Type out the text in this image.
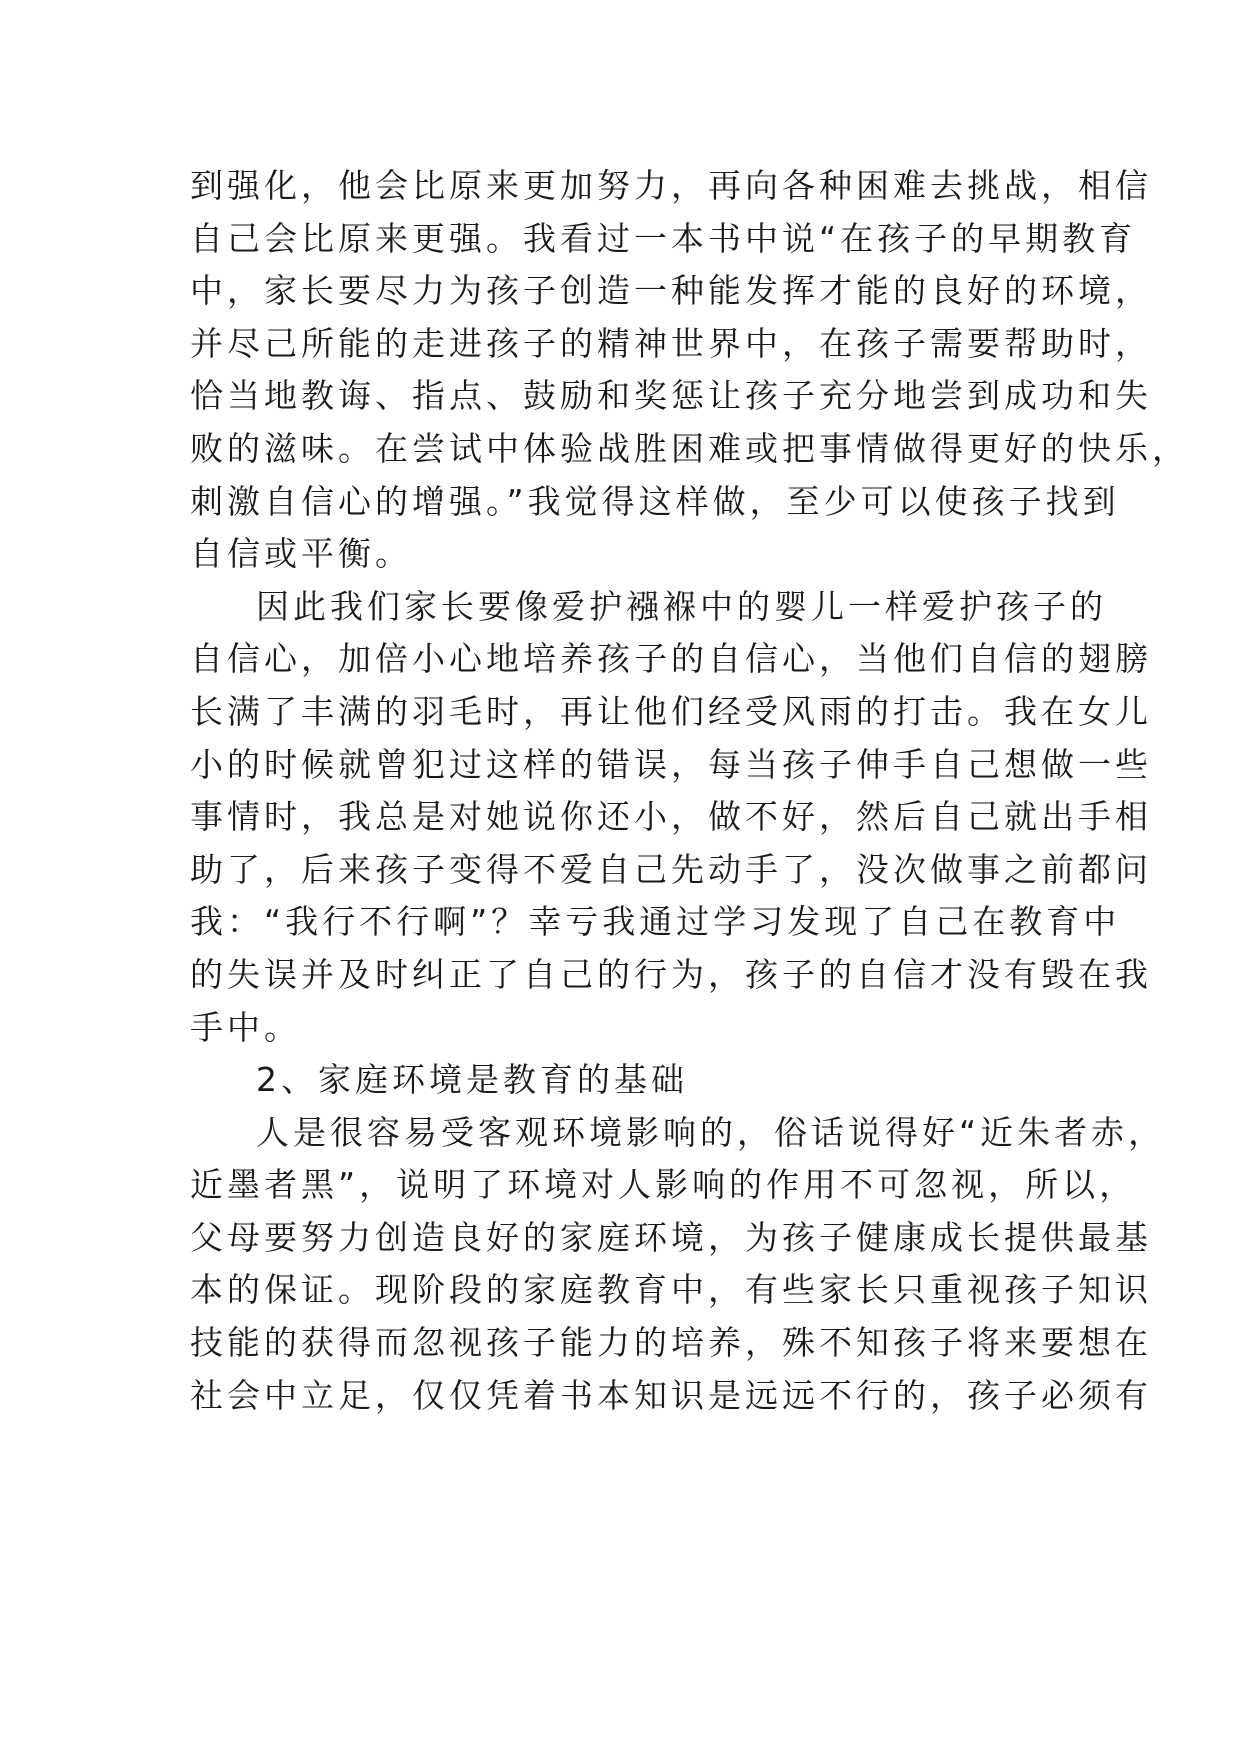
到强化，他会比原来更加努力，再向各种困难去挑战，相信
自己会比原来更强。我看过一本书中说“在孩子的早期教育
中，家长要尽力为孩子创造一种能发挥才能的良好的环境，
并尽己所能的走进孩子的精神世界中，在孩子需要帮助时，
恰当地教诲、指点、鼓励和奖惩让孩子充分地尝到成功和失
败的滋味。在尝试中体验战胜困难或把事情做得更好的快乐，
刺激自信心的增强。”我觉得这样做，至少可以使孩子找到
自信或平衡。

因此我们家长要像爱护襁褓中的婴儿一样爱护孩子的
自信心，加倍小心地培养孩子的自信心，当他们自信的翅膀
长满了丰满的羽毛时，再让他们经受风雨的打击。我在女儿
小的时候就曾犯过这样的错误，每当孩子伸手自己想做一些
事情时，我总是对她说你还小，做不好，然后自己就出手相
助了，后来孩子变得不爱自己先动手了，没次做事之前都问
我：“我行不行啊”？幸亏我通过学习发现了自己在教育中
的失误并及时纠正了自己的行为，孩子的自信才没有毁在我
手中。

2、家庭环境是教育的基础

人是很容易受客观环境影响的，俗话说得好“近朱者赤，
近墨者黑”，说明了环境对人影响的作用不可忽视，所以，
父母要努力创造良好的家庭环境，为孩子健康成长提供最基
本的保证。现阶段的家庭教育中，有些家长只重视孩子知识
技能的获得而忽视孩子能力的培养，殊不知孩子将来要想在
社会中立足，仅仅凭着书本知识是远远不行的，孩子必须有
